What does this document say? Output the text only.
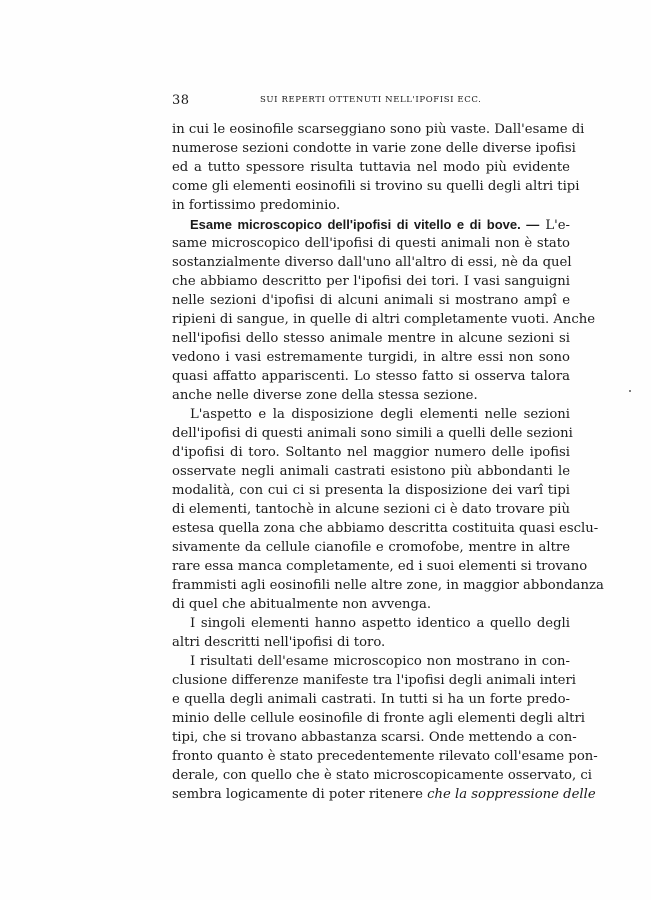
38	SUI REPERTI OTTENUTI NELL'IPOFISI ECC.
in cui le eosinofile scarseggiano sono più vaste. Dall'esame di
numerose sezioni condotte in varie zone delle diverse ipofisi
ed a tutto spessore risulta tuttavia nel modo più evidente
come gli elementi eosinofili si trovino su quelli degli altri tipi
in fortissimo predominio.
Esame microscopico dell'ipofisi di vitello e di bove. — L'e-
same microscopico dell'ipofisi di questi animali non è stato
sostanzialmente diverso dall'uno all'altro di essi, nè da quel
che abbiamo descritto per l'ipofisi dei tori. I vasi sanguigni
nelle sezioni d'ipofisi di alcuni animali si mostrano ampî e
ripieni di sangue, in quelle di altri completamente vuoti. Anche
nell'ipofisi dello stesso animale mentre in alcune sezioni si
vedono i vasi estremamente turgidi, in altre essi non sono
quasi affatto appariscenti. Lo stesso fatto si osserva talora
anche nelle diverse zone della stessa sezione.
L'aspetto e la disposizione degli elementi nelle sezioni
dell'ipofisi di questi animali sono simili a quelli delle sezioni
d'ipofisi di toro. Soltanto nel maggior numero delle ipofisi
osservate negli animali castrati esistono più abbondanti le
modalità, con cui ci si presenta la disposizione dei varî tipi
di elementi, tantochè in alcune sezioni ci è dato trovare più
estesa quella zona che abbiamo descritta costituita quasi esclu-
sivamente da cellule cianofile e cromofobe, mentre in altre
rare essa manca completamente, ed i suoi elementi si trovano
frammisti agli eosinofili nelle altre zone, in maggior abbondanza
di quel che abitualmente non avvenga.
I singoli elementi hanno aspetto identico a quello degli
altri descritti nell'ipofisi di toro.
I risultati dell'esame microscopico non mostrano in con-
clusione differenze manifeste tra l'ipofisi degli animali interi
e quella degli animali castrati. In tutti si ha un forte predo-
minio delle cellule eosinofile di fronte agli elementi degli altri
tipi, che si trovano abbastanza scarsi. Onde mettendo a con-
fronto quanto è stato precedentemente rilevato coll'esame pon-
derale, con quello che è stato microscopicamente osservato, ci
sembra logicamente di poter ritenere che la soppressione delle
